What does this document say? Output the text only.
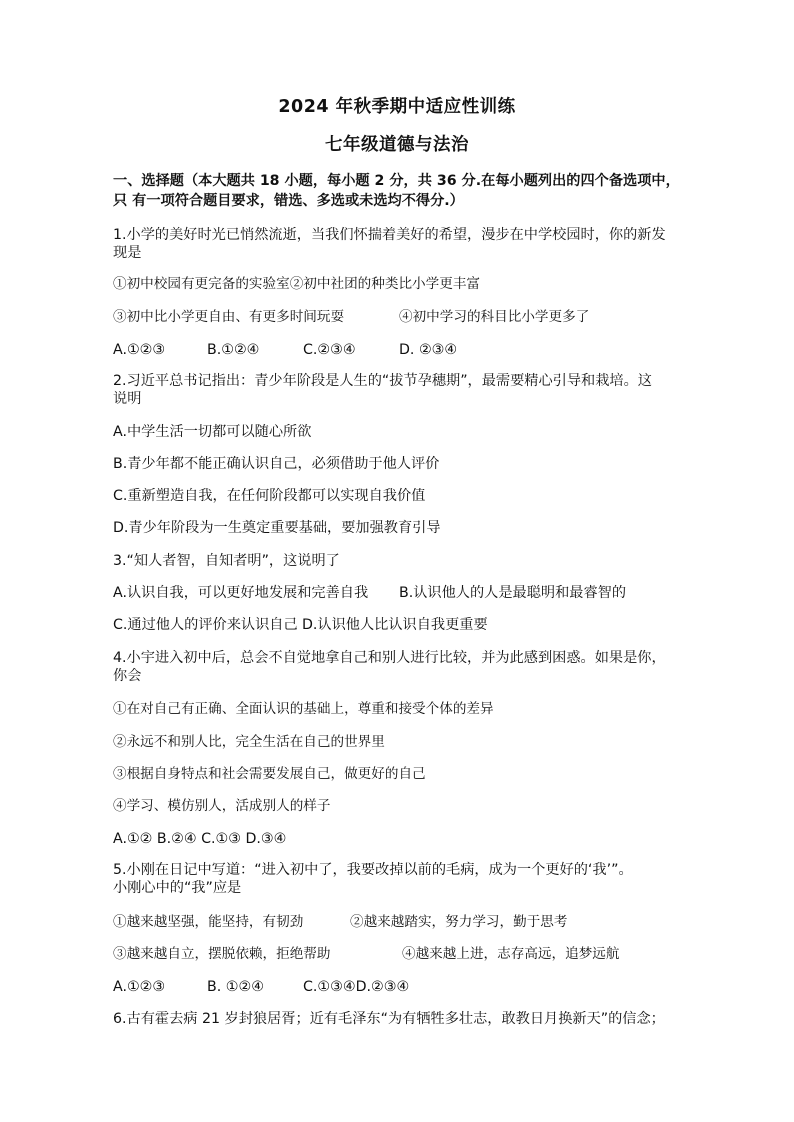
2024 年秋季期中适应性训练
七年级道德与法治
一、选择题（本大题共 18 小题，每小题 2 分，共 36 分.在每小题列出的四个备选项中，
只 有一项符合题目要求，错选、多选或未选均不得分.）
1.小学的美好时光已悄然流逝，当我们怀揣着美好的希望，漫步在中学校园时，你的新发
现是
①初中校园有更完备的实验室②初中社团的种类比小学更丰富
③初中比小学更自由、有更多时间玩耍	④初中学习的科目比小学更多了
A.①②③	B.①②④	C.②③④	D. ②③④
2.习近平总书记指出：青少年阶段是人生的“拔节孕穗期”，最需要精心引导和栽培。这
说明
A.中学生活一切都可以随心所欲
B.青少年都不能正确认识自己，必须借助于他人评价
C.重新塑造自我，在任何阶段都可以实现自我价值
D.青少年阶段为一生奠定重要基础，要加强教育引导
3.“知人者智，自知者明”，这说明了
A.认识自我，可以更好地发展和完善自我 B.认识他人的人是最聪明和最睿智的
C.通过他人的评价来认识自己 D.认识他人比认识自我更重要
4.小宇进入初中后，总会不自觉地拿自己和别人进行比较，并为此感到困惑。如果是你，
你会
①在对自己有正确、全面认识的基础上，尊重和接受个体的差异
②永远不和别人比，完全生活在自己的世界里
③根据自身特点和社会需要发展自己，做更好的自己
④学习、模仿别人，活成别人的样子
A.①② B.②④ C.①③ D.③④
5.小刚在日记中写道：“进入初中了，我要改掉以前的毛病，成为一个更好的‘我’”。
小刚心中的“我”应是
①越来越坚强，能坚持，有韧劲	②越来越踏实，努力学习，勤于思考
③越来越自立，摆脱依赖，拒绝帮助	④越来越上进，志存高远，追梦远航
A.①②③	B. ①②④	C.①③④D.②③④
6.古有霍去病 21 岁封狼居胥；近有毛泽东“为有牺牲多壮志，敢教日月换新天”的信念；
